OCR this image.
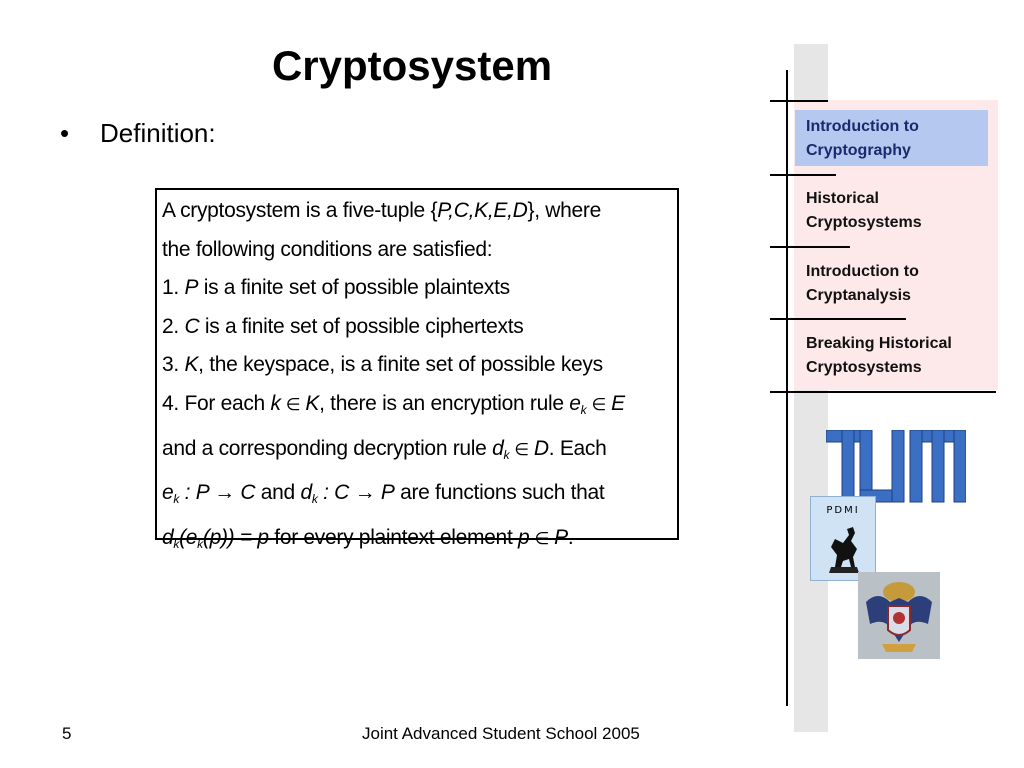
Cryptosystem
• Definition:
A cryptosystem is a five-tuple {P,C,K,E,D}, where
the following conditions are satisfied:
1. P is a finite set of possible plaintexts
2. C is a finite set of possible ciphertexts
3. K, the keyspace, is a finite set of possible keys
4. For each k ∈ K, there is an encryption rule $e_k$ ∈ E
and a corresponding decryption rule $d_k$ ∈ D. Each
$e_k$ : P → C and $d_k$ : C → P are functions such that
$d_k(e_k(p)) = p$ for every plaintext element p ∈ P.
Introduction to Cryptography
Historical Cryptosystems
Introduction to Cryptanalysis
Breaking Historical Cryptosystems
PDMI
5	Joint Advanced Student School 2005
